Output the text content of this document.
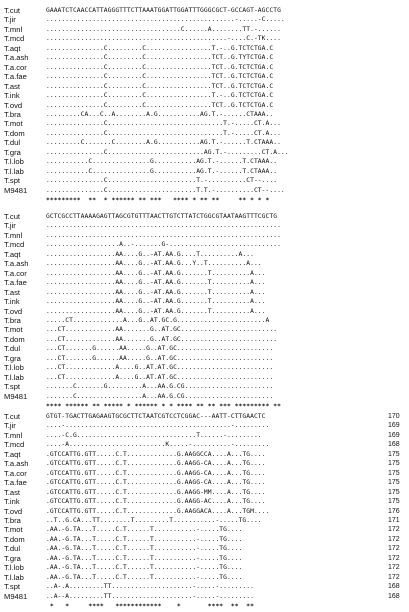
T.cut	GAAATCTCAACCATTAGGGTTTCTTAAATGGATTGGATTTGGGCGCT-GCCAGT-AGCCTG
T.jir	.................................................-.....-C.....
T.mnl	...................................C......A........TT.-......
T.mcd	...............................................-....C.-TK....
T.aqt	...............C.........C.................T.-..G.TCTCTGA.C
T.a.ash	...............C.........C.................TCT..G.TYTCTGA.C
T.a.cor	...............C.........C.................TCT..G.TCTCTGA.C
T.a.fae	...............C.........C.................TCT..G.TCTCTGA.C
T.ast	...............C.........C.................TCT..G.TCTCTGA.C
T.ink	...............C.........C.................T.-..G.TCTCTGA.C
T.ovd	...............C.........C.................TCT..G.TCTCTGA.C
T.bra	.........CA...C..A........A.G...........AG.T.-......CTAAA..
T.mot	...............C..............................T.-.....CT.A...
T.dom	...............C..............................T.-.....CT.A...
T.dul	.........C.......C........A.G...........AG.T.-......T.CTAAA..
T.gra	...............C.........................AG.T.-.........CT.A...
T.l.lob	...........C...............G...........AG.T.-......T.CTAAA..
T.l.lab	...........C...............G...........AG.T.-......T.CTAAA..
T.spt	...............C.......................T.-..........CT--....
M9481	...............C.......................T.T.-..........CT--....
*********  **  * ****** ** ***   **** * ** **     ** * * *
T.cut	GCTCGCCTTAAAAGAGTTAGCGTGTTTAACTTGTCTTATCTGGCGTAATAAGTTTCGCTG
T.jir	.............................................................
T.mnl	.............................................................
T.mcd	...................A..-.......G-.............................
T.aqt	..................AA....G..-AT.AA.G....T..........A...
T.a.ash	..................AA....G..-AT.AA.G...Y..T..........A...
T.a.cor	..................AA....G..-AT.AA.G.......T..........A...
T.a.fae	..................AA....G..-AT.AA.G.......T..........A...
T.ast	..................AA....G..-AT.AA.G.......T..........A...
T.ink	..................AA....G..-AT.AA.G.......T..........A...
T.ovd	..................AA....G..-AT.AA.G.......T..........A...
T.bra	.....CT.............A...G..AT.GC.G.......................A
T.mot	...CT.............AA.......G..AT.GC.........................
T.dom	...CT.............AA.......G..AT.GC.........................
T.dul	...CT.......G......AA.....G..AT.GC.........................
T.gra	...CT.......G......AA.....G..AT.GC.........................
T.l.lob	...CT.............A....G..AT.AT.GC.........................
T.l.lab	...CT.............A....G..AT.AT.GC.........................
T.spt	.......C.......G.........A...AA.G.CG.......................
M9481	.......C.................A...AA.G.CG.......................
**** ****** ** ***** * ****** * * **** ** ** *** ********* **
T.cut	GTGT-TGACTTGAGAAGTGCGCTTCTAATCGTCCTCGGAC---AATT-CTTGAACTC	170
T.jir	....-...........................................-.........	169
T.mnl	....-C.G...............................T......-.........	169
T.mcd	....-A.........................K.....-..........-.........	168
T.aqt	.GTCCATTG.GTT.....C.T.............G.AAGGCCA....A...TG....	175
T.a.ash	.GTCCATTG.GTT.....C.T.............G.AAGG-CA....A...TG....	175
T.a.cor	.GTCCATTG.GTT.....C.T.............G.AAGG-CA....A...TG....	175
T.a.fae	.GTCCATTG.GTT.....C.T.............G.AAGG-CA....A...TG....	175
T.ast	.GTCCATTG.GTT.....C.T.............G.AAGG-MM....A...TG....	175
T.ink	.GTCCATTG.GTT.....C.T.............G.AAGG-AC....A...TG....	175
T.ovd	.GTCCATTG.GTT.....C.T.............G.AAGGACA....A...TGM....	176
T.bra	..T..G.CA...TT........T.........T...........-.....TG....	171
T.mot	.AA.-G.TA...T.....C.T......T...........-.....TG....	172
T.dom	.AA.-G.TA...T.....C.T......T...........-.....TG....	172
T.dul	.AA.-G.TA...T.....C.T......T...........-.....TG....	172
T.gra	.AA.-G.TA...T.....C.T......T...........-.....TG....	172
T.l.lob	.AA.-G.TA...T.....C.T......T...........-.....TG....	172
T.l.lab	.AA.-G.TA...T.....C.T......T...........-.....TG....	172
T.spt	..A-.A.........TT.....................-.....-.........	168
M9481	..A--A.........TT.....................-.....-.........	168
*   *     ****   ************    *       ****  **  **
